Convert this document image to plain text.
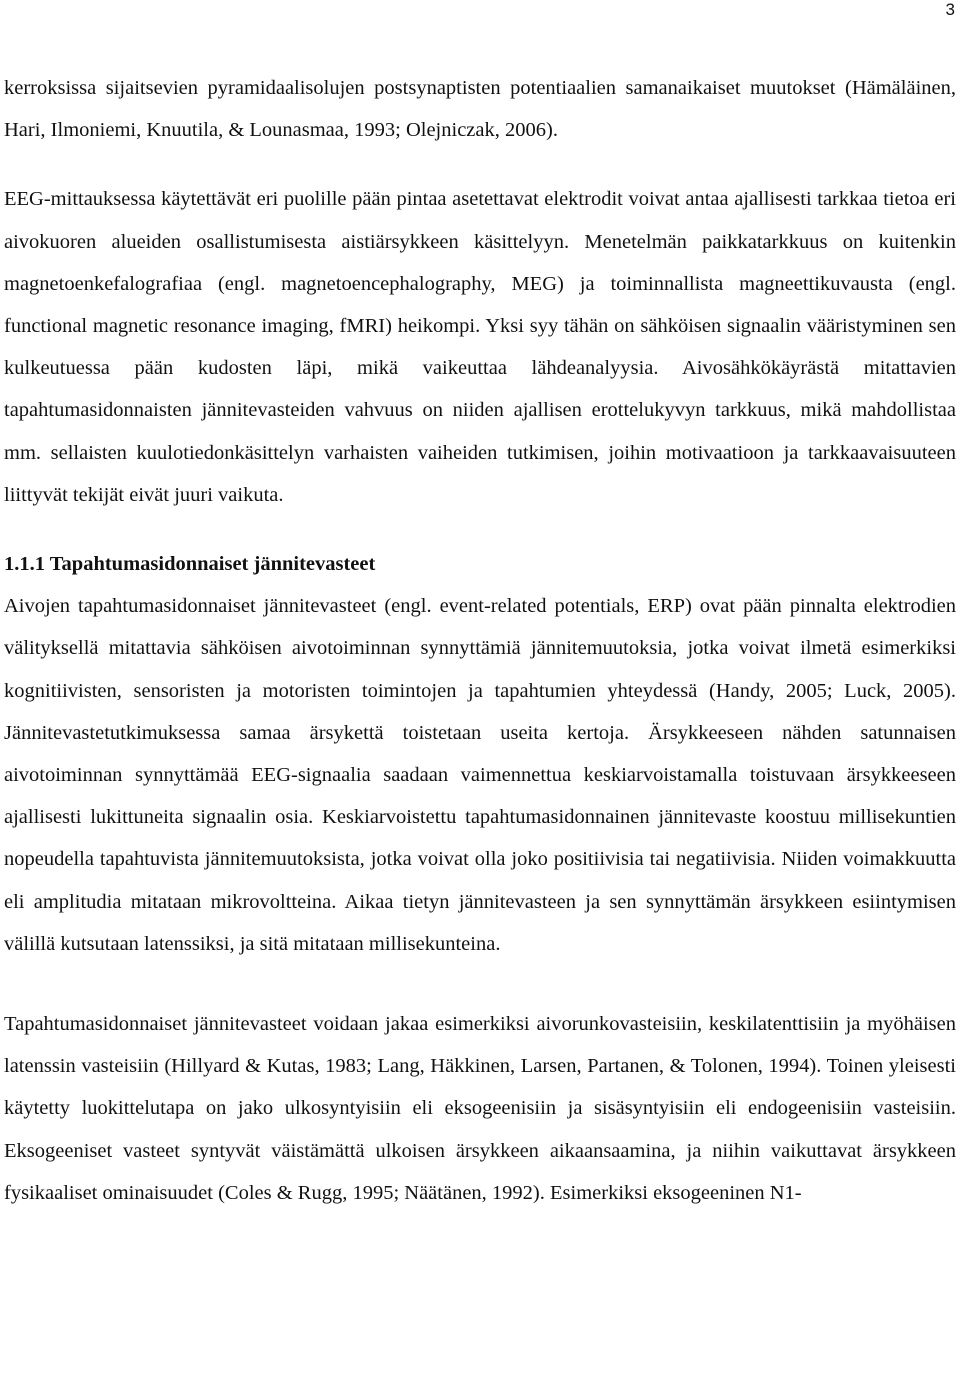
3

kerroksissa sijaitsevien pyramidaalisolujen postsynaptisten potentiaalien samanaikaiset muutokset (Hämäläinen, Hari, Ilmoniemi, Knuutila, & Lounasmaa, 1993; Olejniczak, 2006).

EEG-mittauksessa käytettävät eri puolille pään pintaa asetettavat elektrodit voivat antaa ajallisesti tarkkaa tietoa eri aivokuoren alueiden osallistumisesta aistiärsykkeen käsittelyyn. Menetelmän paikkatarkkuus on kuitenkin magnetoenkefalografiaa (engl. magnetoencephalography, MEG) ja toiminnallista magneettikuvausta (engl. functional magnetic resonance imaging, fMRI) heikompi. Yksi syy tähän on sähköisen signaalin vääristyminen sen kulkeutuessa pään kudosten läpi, mikä vaikeuttaa lähdeanalyysia. Aivosähkökäyrästä mitattavien tapahtumasidonnaisten jännitevasteiden vahvuus on niiden ajallisen erottelukyvyn tarkkuus, mikä mahdollistaa mm. sellaisten kuulotiedonkäsittelyn varhaisten vaiheiden tutkimisen, joihin motivaatioon ja tarkkaavaisuuteen liittyvät tekijät eivät juuri vaikuta.

1.1.1 Tapahtumasidonnaiset jännitevasteet

Aivojen tapahtumasidonnaiset jännitevasteet (engl. event-related potentials, ERP) ovat pään pinnalta elektrodien välityksellä mitattavia sähköisen aivotoiminnan synnyttämiä jännitemuutoksia, jotka voivat ilmetä esimerkiksi kognitiivisten, sensoristen ja motoristen toimintojen ja tapahtumien yhteydessä (Handy, 2005; Luck, 2005). Jännitevastetutkimuksessa samaa ärsykettä toistetaan useita kertoja. Ärsykkeeseen nähden satunnaisen aivotoiminnan synnyttämää EEG-signaalia saadaan vaimennettua keskiarvoistamalla toistuvaan ärsykkeeseen ajallisesti lukittuneita signaalin osia. Keskiarvoistettu tapahtumasidonnainen jännitevaste koostuu millisekuntien nopeudella tapahtuvista jännitemuutoksista, jotka voivat olla joko positiivisia tai negatiivisia. Niiden voimakkuutta eli amplitudia mitataan mikrovoltteina. Aikaa tietyn jännitevasteen ja sen synnyttämän ärsykkeen esiintymisen välillä kutsutaan latenssiksi, ja sitä mitataan millisekunteina.

Tapahtumasidonnaiset jännitevasteet voidaan jakaa esimerkiksi aivorunkovasteisiin, keskilatenttisiin ja myöhäisen latenssin vasteisiin (Hillyard & Kutas, 1983; Lang, Häkkinen, Larsen, Partanen, & Tolonen, 1994). Toinen yleisesti käytetty luokittelutapa on jako ulkosyntyisiin eli eksogeenisiin ja sisäsyntyisiin eli endogeenisiin vasteisiin. Eksogeeniset vasteet syntyvät väistämättä ulkoisen ärsykkeen aikaansaamina, ja niihin vaikuttavat ärsykkeen fysikaaliset ominaisuudet (Coles & Rugg, 1995; Näätänen, 1992). Esimerkiksi eksogeeninen N1-
